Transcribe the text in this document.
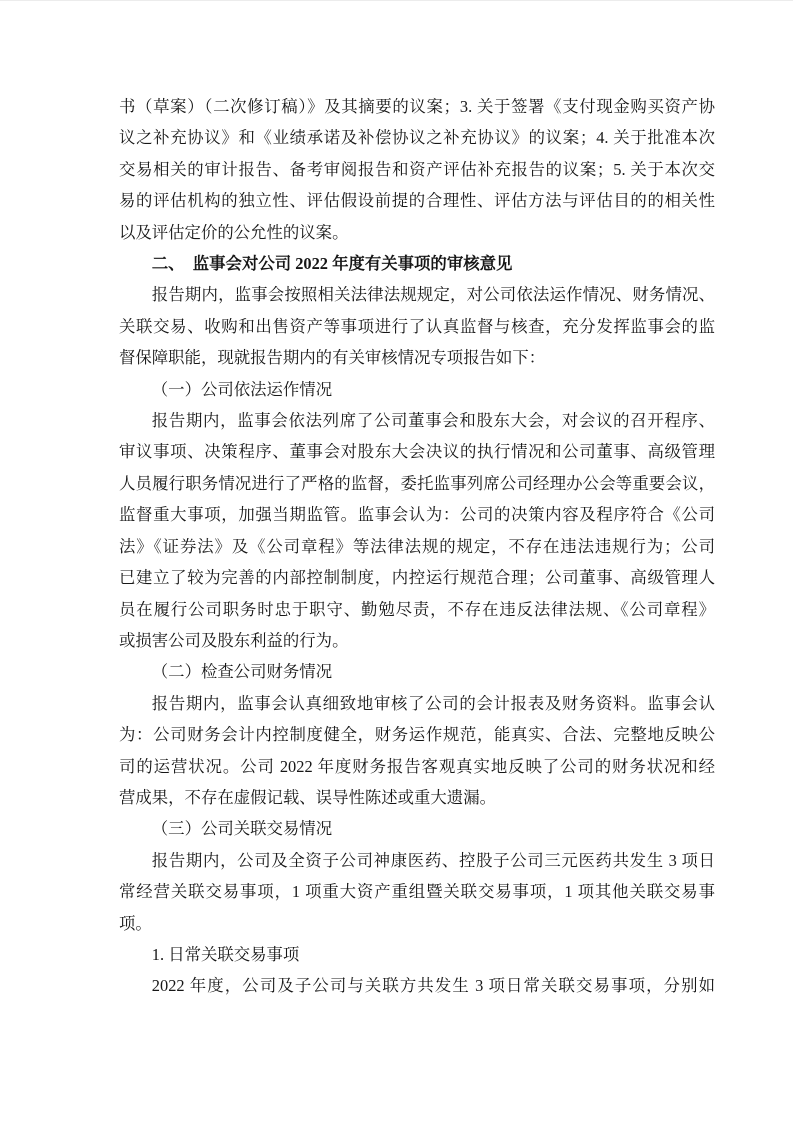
书（草案）（二次修订稿）》及其摘要的议案；3. 关于签署《支付现金购买资产协
议之补充协议》和《业绩承诺及补偿协议之补充协议》的议案；4. 关于批准本次
交易相关的审计报告、备考审阅报告和资产评估补充报告的议案；5. 关于本次交
易的评估机构的独立性、评估假设前提的合理性、评估方法与评估目的的相关性
以及评估定价的公允性的议案。
二、　监事会对公司 2022 年度有关事项的审核意见
报告期内，监事会按照相关法律法规规定，对公司依法运作情况、财务情况、
关联交易、收购和出售资产等事项进行了认真监督与核查，充分发挥监事会的监
督保障职能，现就报告期内的有关审核情况专项报告如下：
（一）公司依法运作情况
报告期内，监事会依法列席了公司董事会和股东大会，对会议的召开程序、
审议事项、决策程序、董事会对股东大会决议的执行情况和公司董事、高级管理
人员履行职务情况进行了严格的监督，委托监事列席公司经理办公会等重要会议，
监督重大事项，加强当期监管。监事会认为：公司的决策内容及程序符合《公司
法》《证券法》及《公司章程》等法律法规的规定，不存在违法违规行为；公司
已建立了较为完善的内部控制制度，内控运行规范合理；公司董事、高级管理人
员在履行公司职务时忠于职守、勤勉尽责，不存在违反法律法规、《公司章程》
或损害公司及股东利益的行为。
（二）检查公司财务情况
报告期内，监事会认真细致地审核了公司的会计报表及财务资料。监事会认
为：公司财务会计内控制度健全，财务运作规范，能真实、合法、完整地反映公
司的运营状况。公司 2022 年度财务报告客观真实地反映了公司的财务状况和经
营成果，不存在虚假记载、误导性陈述或重大遗漏。
（三）公司关联交易情况
报告期内，公司及全资子公司神康医药、控股子公司三元医药共发生 3 项日
常经营关联交易事项，1 项重大资产重组暨关联交易事项，1 项其他关联交易事
项。
1. 日常关联交易事项
2022 年度，公司及子公司与关联方共发生 3 项日常关联交易事项，分别如
